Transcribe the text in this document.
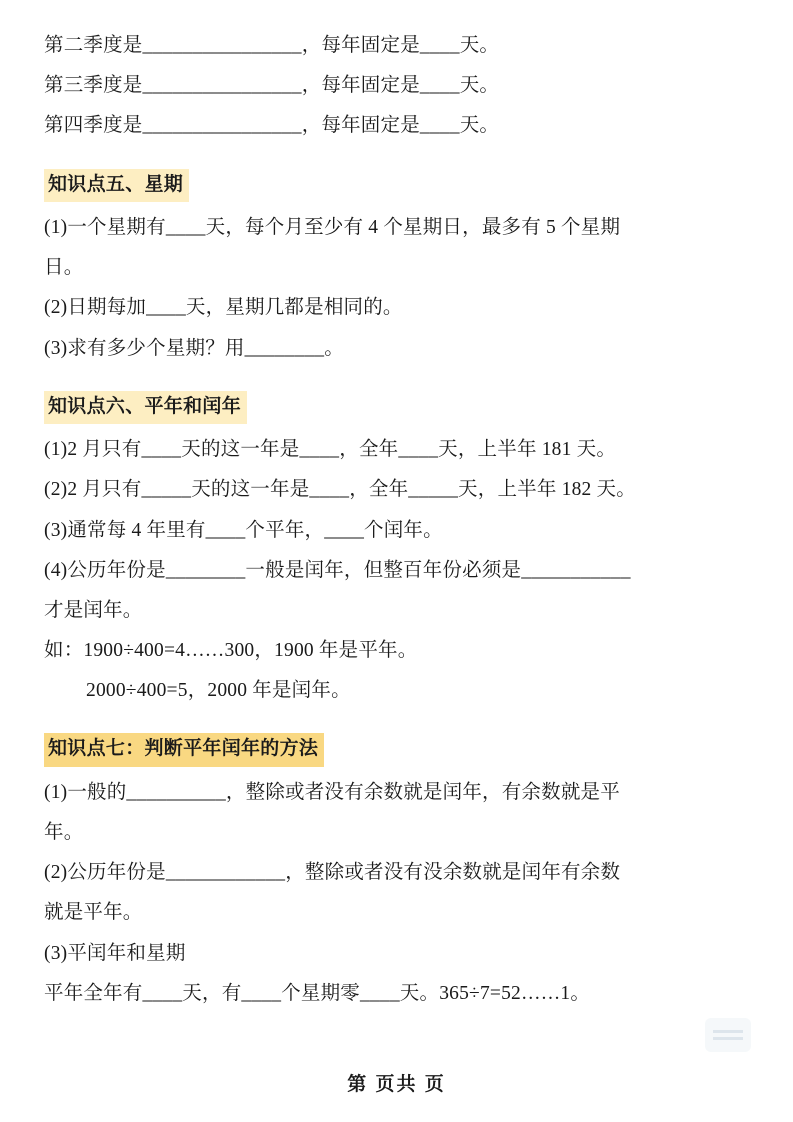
第二季度是________________，每年固定是____天。

第三季度是________________，每年固定是____天。

第四季度是________________，每年固定是____天。

知识点五、星期

(1)一个星期有____天，每个月至少有 4 个星期日，最多有 5 个星期

日。

(2)日期每加____天，星期几都是相同的。

(3)求有多少个星期？用________。

知识点六、平年和闰年

(1)2 月只有____天的这一年是____，全年____天，上半年 181 天。

(2)2 月只有_____天的这一年是____，全年_____天，上半年 182 天。

(3)通常每 4 年里有____个平年，____个闰年。

(4)公历年份是________一般是闰年，但整百年份必须是___________

才是闰年。

如：1900÷400=4……300，1900 年是平年。

2000÷400=5，2000 年是闰年。

知识点七：判断平年闰年的方法

(1)一般的__________，整除或者没有余数就是闰年，有余数就是平

年。

(2)公历年份是____________，整除或者没有没余数就是闰年有余数

就是平年。

(3)平闰年和星期

平年全年有____天，有____个星期零____天。365÷7=52……1。

第 页共 页
